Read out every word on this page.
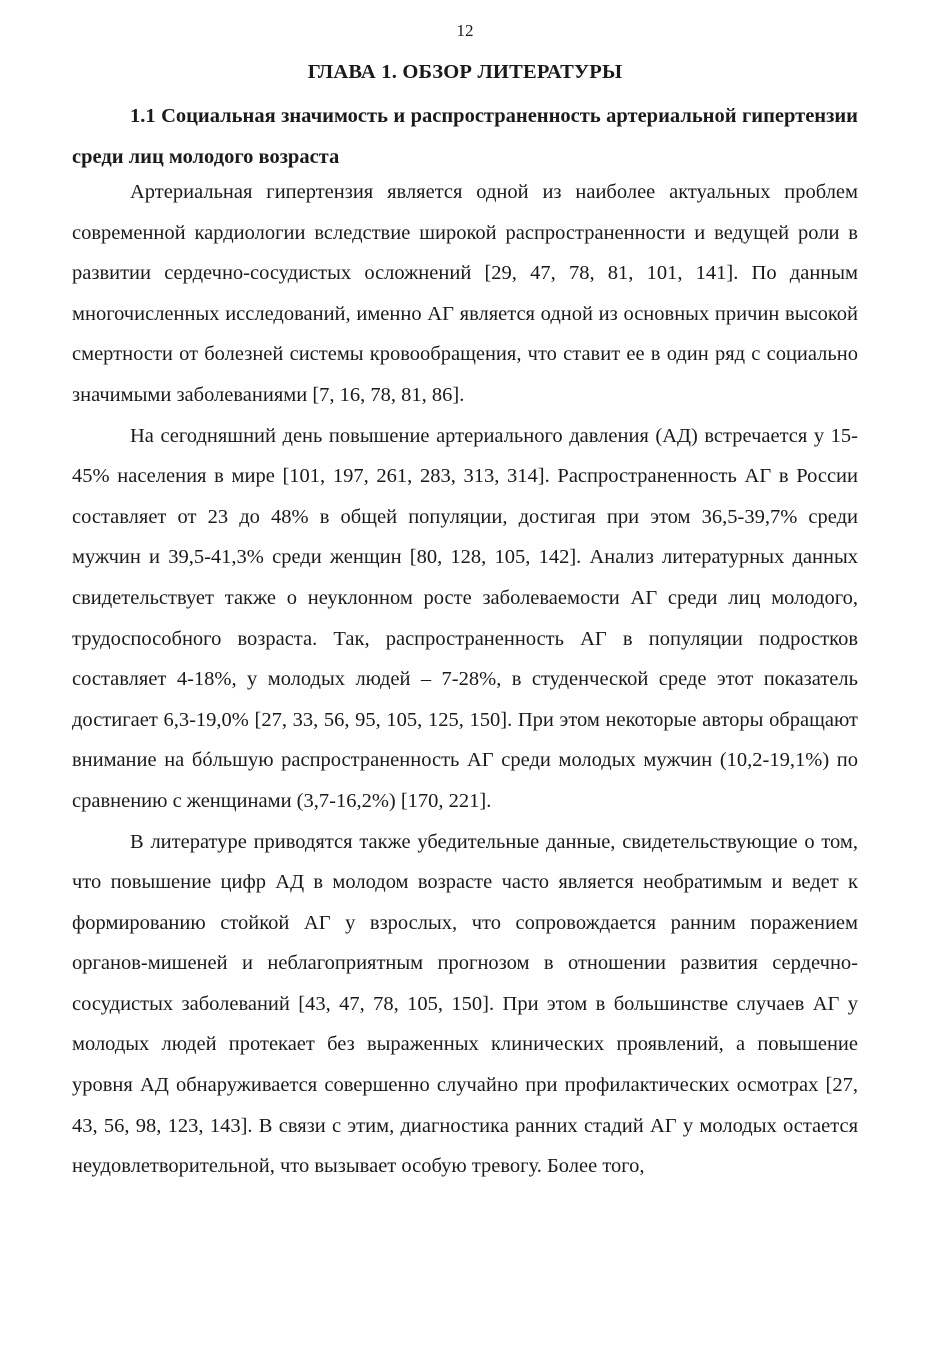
12
ГЛАВА 1. ОБЗОР ЛИТЕРАТУРЫ
1.1 Социальная значимость и распространенность артериальной гипертензии среди лиц молодого возраста

Артериальная гипертензия является одной из наиболее актуальных проблем современной кардиологии вследствие широкой распространенности и ведущей роли в развитии сердечно-сосудистых осложнений [29, 47, 78, 81, 101, 141]. По данным многочисленных исследований, именно АГ является одной из основных причин высокой смертности от болезней системы кровообращения, что ставит ее в один ряд с социально значимыми заболеваниями [7, 16, 78, 81, 86].

На сегодняшний день повышение артериального давления (АД) встречается у 15-45% населения в мире [101, 197, 261, 283, 313, 314]. Распространенность АГ в России составляет от 23 до 48% в общей популяции, достигая при этом 36,5-39,7% среди мужчин и 39,5-41,3% среди женщин [80, 128, 105, 142]. Анализ литературных данных свидетельствует также о неуклонном росте заболеваемости АГ среди лиц молодого, трудоспособного возраста. Так, распространенность АГ в популяции подростков составляет 4-18%, у молодых людей – 7-28%, в студенческой среде этот показатель достигает 6,3-19,0% [27, 33, 56, 95, 105, 125, 150]. При этом некоторые авторы обращают внимание на бóльшую распространенность АГ среди молодых мужчин (10,2-19,1%) по сравнению с женщинами (3,7-16,2%) [170, 221].

В литературе приводятся также убедительные данные, свидетельствующие о том, что повышение цифр АД в молодом возрасте часто является необратимым и ведет к формированию стойкой АГ у взрослых, что сопровождается ранним поражением органов-мишеней и неблагоприятным прогнозом в отношении развития сердечно-сосудистых заболеваний [43, 47, 78, 105, 150]. При этом в большинстве случаев АГ у молодых людей протекает без выраженных клинических проявлений, а повышение уровня АД обнаруживается совершенно случайно при профилактических осмотрах [27, 43, 56, 98, 123, 143]. В связи с этим, диагностика ранних стадий АГ у молодых остается неудовлетворительной, что вызывает особую тревогу. Более того,
